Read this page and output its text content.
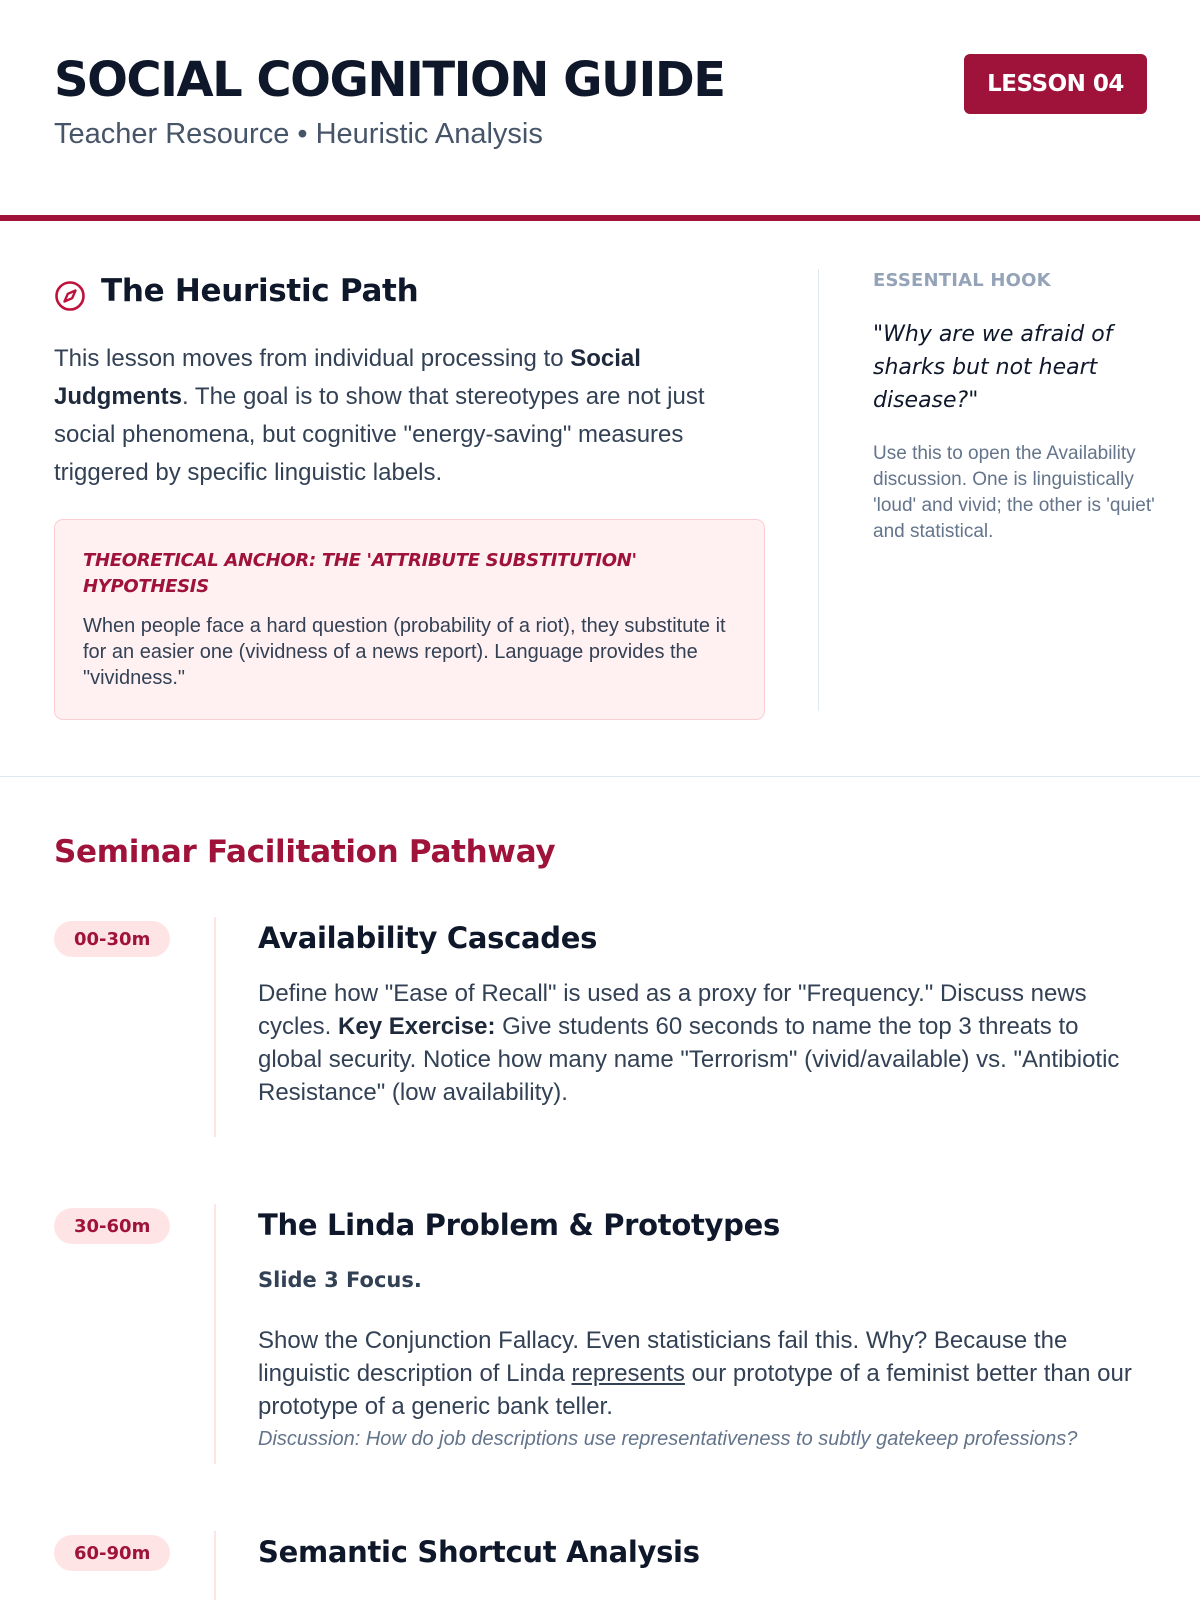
SOCIAL COGNITION GUIDE
Teacher Resource • Heuristic Analysis
LESSON 04
The Heuristic Path
This lesson moves from individual processing to Social Judgments. The goal is to show that stereotypes are not just social phenomena, but cognitive "energy-saving" measures triggered by specific linguistic labels.
THEORETICAL ANCHOR: THE 'ATTRIBUTE SUBSTITUTION' HYPOTHESIS
When people face a hard question (probability of a riot), they substitute it for an easier one (vividness of a news report). Language provides the "vividness."
ESSENTIAL HOOK
"Why are we afraid of sharks but not heart disease?"
Use this to open the Availability discussion. One is linguistically 'loud' and vivid; the other is 'quiet' and statistical.
Seminar Facilitation Pathway
00-30m	Availability Cascades
Define how "Ease of Recall" is used as a proxy for "Frequency." Discuss news cycles. Key Exercise: Give students 60 seconds to name the top 3 threats to global security. Notice how many name "Terrorism" (vivid/available) vs. "Antibiotic Resistance" (low availability).
30-60m	The Linda Problem & Prototypes
Slide 3 Focus.
Show the Conjunction Fallacy. Even statisticians fail this. Why? Because the linguistic description of Linda represents our prototype of a feminist better than our prototype of a generic bank teller.
Discussion: How do job descriptions use representativeness to subtly gatekeep professions?
60-90m	Semantic Shortcut Analysis
